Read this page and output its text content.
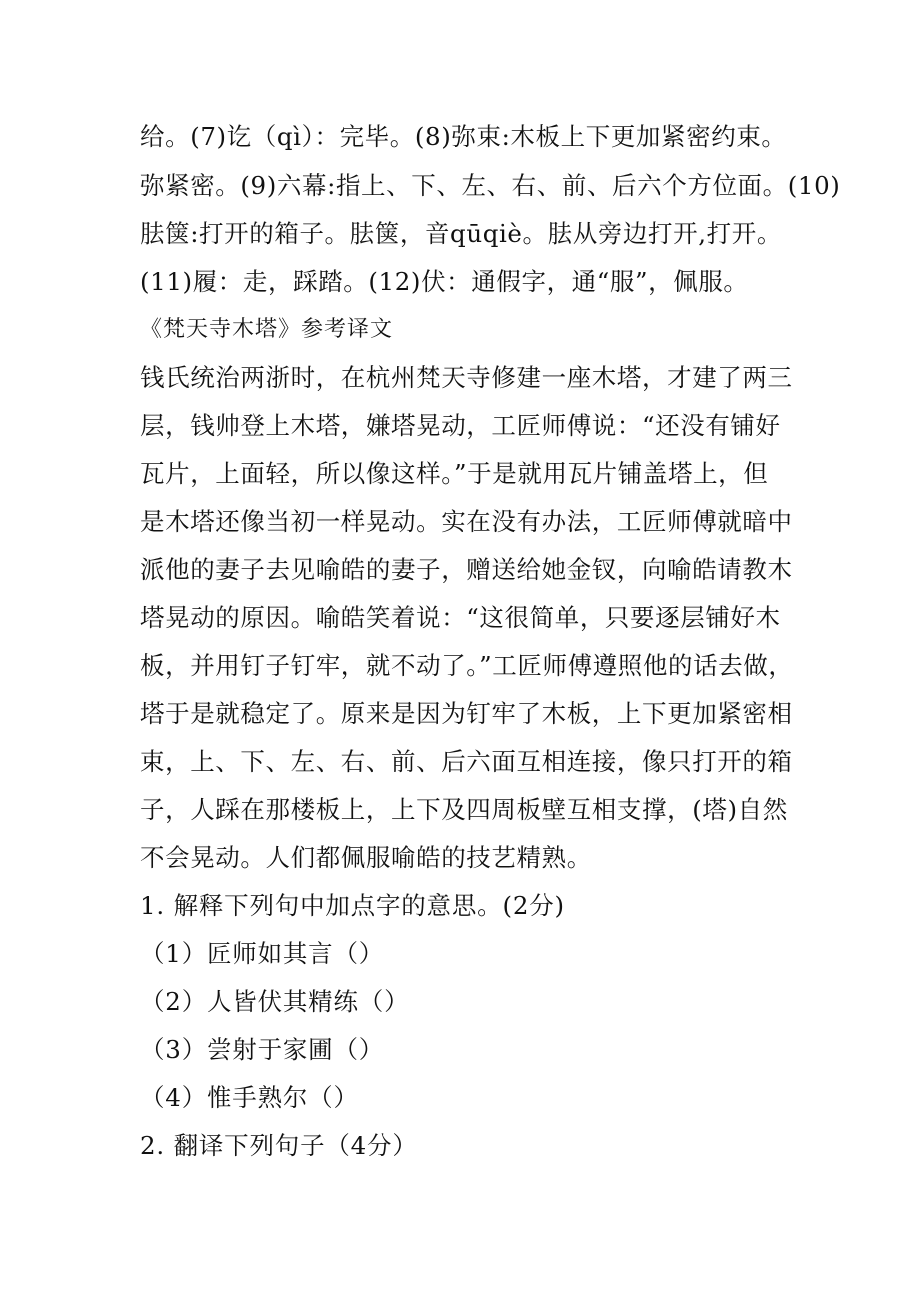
给。(7)讫（qì）：完毕。(8)弥束:木板上下更加紧密约束。
弥紧密。(9)六幕:指上、下、左、右、前、后六个方位面。(10)
胠箧:打开的箱子。胠箧，音qūqiè。胠从旁边打开,打开。
(11)履：走，踩踏。(12)伏：通假字，通“服”，佩服。
《梵天寺木塔》参考译文
钱氏统治两浙时，在杭州梵天寺修建一座木塔，才建了两三
层，钱帅登上木塔，嫌塔晃动，工匠师傅说：“还没有铺好
瓦片，上面轻，所以像这样。”于是就用瓦片铺盖塔上，但
是木塔还像当初一样晃动。实在没有办法，工匠师傅就暗中
派他的妻子去见喻皓的妻子，赠送给她金钗，向喻皓请教木
塔晃动的原因。喻皓笑着说：“这很简单，只要逐层铺好木
板，并用钉子钉牢，就不动了。”工匠师傅遵照他的话去做，
塔于是就稳定了。原来是因为钉牢了木板，上下更加紧密相
束，上、下、左、右、前、后六面互相连接，像只打开的箱
子，人踩在那楼板上，上下及四周板壁互相支撑，(塔)自然
不会晃动。人们都佩服喻皓的技艺精熟。
1. 解释下列句中加点字的意思。(2分)
（1）匠师如其言（）
（2）人皆伏其精练（）
（3）尝射于家圃（）
（4）惟手熟尔（）
2. 翻译下列句子（4分）
